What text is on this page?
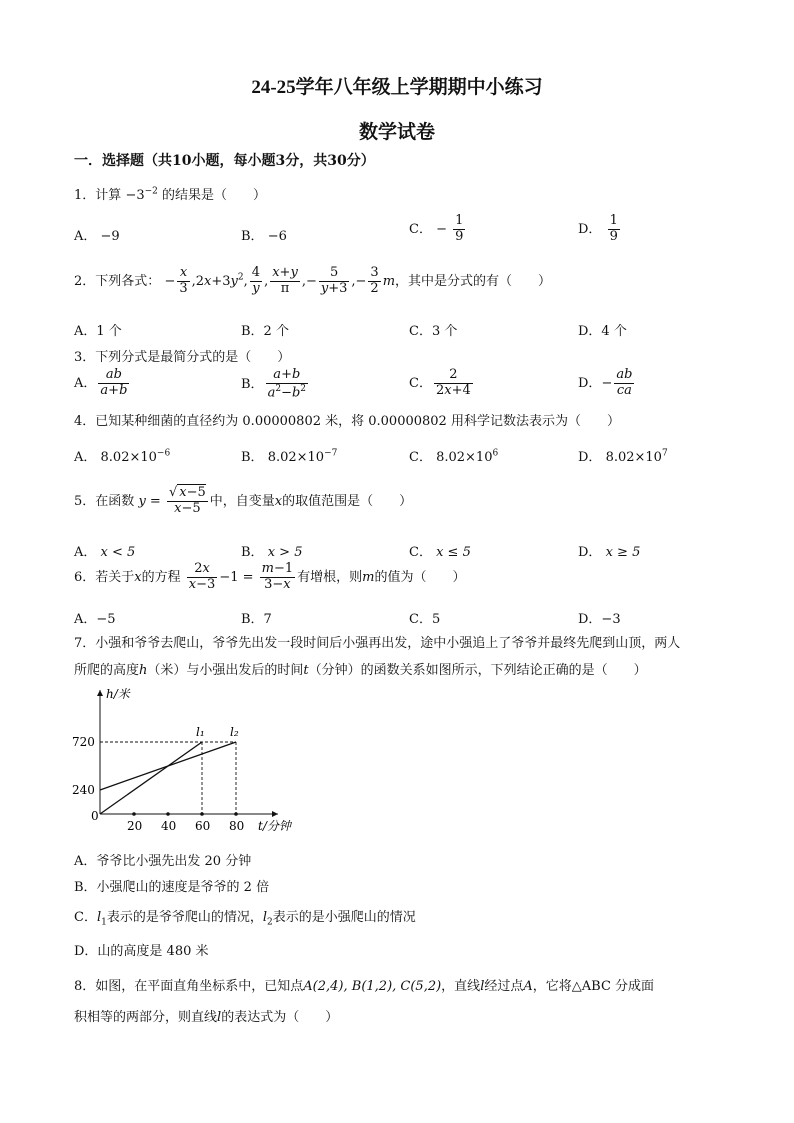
24-25学年八年级上学期期中小练习
数学试卷
一．选择题（共10小题，每小题3分，共30分）
1．计算 $-3^{-2}$ 的结果是（　　）
A． −9	B． −6	C． − $\frac{1}{9}$	D． $\frac{1}{9}$
2．下列各式： − $\frac{x}{3} ,2x+3y^2$, $\frac{4}{y}$ , $\frac{x+y}{\pi}$ ,− $\frac{5}{y+3}$ ,− $\frac{3}{2}$ m，其中是分式的有（　　）
A．1 个	B．2 个	C．3 个	D．4 个
3．下列分式是最简分式的是（　　）
A． $\frac{ab}{a+b}$	B． $\frac{a+b}{a^2-b^2}$	C． $\frac{2}{2x+4}$	D．− $\frac{ab}{ca}$
4．已知某种细菌的直径约为 0.00000802 米，将 0.00000802 用科学记数法表示为（　　）
A． $8.02\times 10^{-6}$	B． $8.02\times 10^{-7}$	C． $8.02\times 10^6$	D． $8.02\times 10^7$
5．在函数 $y = \frac{√ x-5}{x-5}$ 中，自变量x的取值范围是（　　）
A． x < 5	B． x > 5	C． x ≤ 5	D． x ≥ 5
6．若关于x的方程 $\frac{2x}{x-3} -1 = \frac{m-1}{3-x}$ 有增根，则m的值为（　　）
A．−5	B．7	C．5	D．−3
7．小强和爷爷去爬山，爷爷先出发一段时间后小强再出发，途中小强追上了爷爷并最终先爬到山顶，两人
所爬的高度h（米）与小强出发后的时间t（分钟）的函数关系如图所示，下列结论正确的是（　　）
l₁ l₂
20 40 60 80
240
720
h/米
t/分钟
0
A．爷爷比小强先出发 20 分钟
B．小强爬山的速度是爷爷的 2 倍
C．$l_1$表示的是爷爷爬山的情况，$l_2$表示的是小强爬山的情况
D．山的高度是 480 米
8．如图，在平面直角坐标系中，已知点A(2,4), B(1,2), C(5,2)，直线l经过点A，它将△ABC 分成面
积相等的两部分，则直线l的表达式为（　　）
